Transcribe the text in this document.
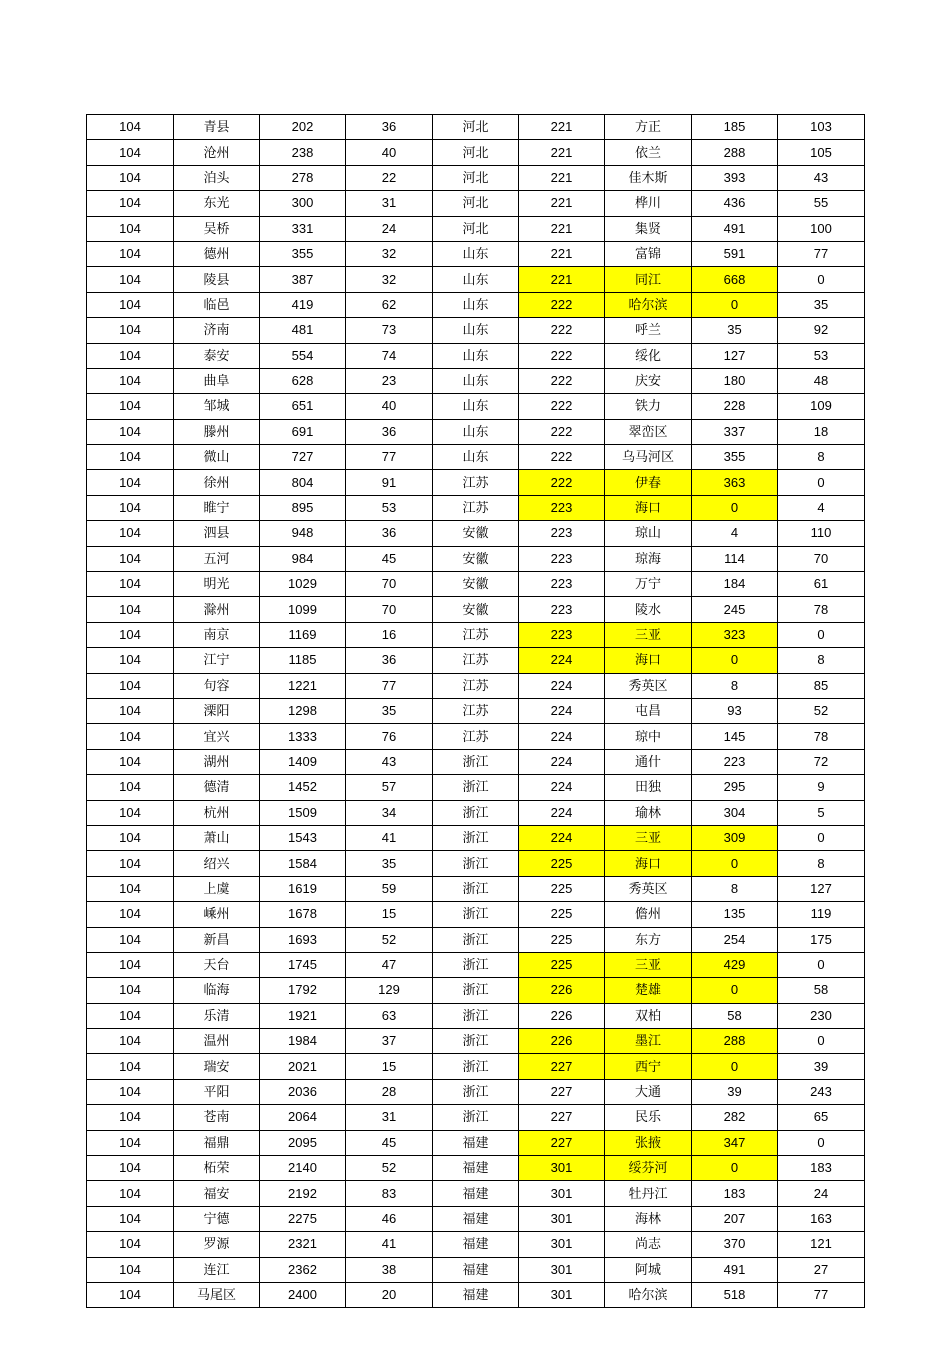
104	青县	202	36	河北	221	方正	185	103
104	沧州	238	40	河北	221	依兰	288	105
104	泊头	278	22	河北	221	佳木斯	393	43
104	东光	300	31	河北	221	桦川	436	55
104	吴桥	331	24	河北	221	集贤	491	100
104	德州	355	32	山东	221	富锦	591	77
104	陵县	387	32	山东	221	同江	668	0
104	临邑	419	62	山东	222	哈尔滨	0	35
104	济南	481	73	山东	222	呼兰	35	92
104	泰安	554	74	山东	222	绥化	127	53
104	曲阜	628	23	山东	222	庆安	180	48
104	邹城	651	40	山东	222	铁力	228	109
104	滕州	691	36	山东	222	翠峦区	337	18
104	微山	727	77	山东	222	乌马河区	355	8
104	徐州	804	91	江苏	222	伊春	363	0
104	睢宁	895	53	江苏	223	海口	0	4
104	泗县	948	36	安徽	223	琼山	4	110
104	五河	984	45	安徽	223	琼海	114	70
104	明光	1029	70	安徽	223	万宁	184	61
104	滁州	1099	70	安徽	223	陵水	245	78
104	南京	1169	16	江苏	223	三亚	323	0
104	江宁	1185	36	江苏	224	海口	0	8
104	句容	1221	77	江苏	224	秀英区	8	85
104	溧阳	1298	35	江苏	224	屯昌	93	52
104	宜兴	1333	76	江苏	224	琼中	145	78
104	湖州	1409	43	浙江	224	通什	223	72
104	德清	1452	57	浙江	224	田独	295	9
104	杭州	1509	34	浙江	224	瑜林	304	5
104	萧山	1543	41	浙江	224	三亚	309	0
104	绍兴	1584	35	浙江	225	海口	0	8
104	上虞	1619	59	浙江	225	秀英区	8	127
104	嵊州	1678	15	浙江	225	儋州	135	119
104	新昌	1693	52	浙江	225	东方	254	175
104	天台	1745	47	浙江	225	三亚	429	0
104	临海	1792	129	浙江	226	楚雄	0	58
104	乐清	1921	63	浙江	226	双柏	58	230
104	温州	1984	37	浙江	226	墨江	288	0
104	瑞安	2021	15	浙江	227	西宁	0	39
104	平阳	2036	28	浙江	227	大通	39	243
104	苍南	2064	31	浙江	227	民乐	282	65
104	福鼎	2095	45	福建	227	张掖	347	0
104	柘荣	2140	52	福建	301	绥芬河	0	183
104	福安	2192	83	福建	301	牡丹江	183	24
104	宁德	2275	46	福建	301	海林	207	163
104	罗源	2321	41	福建	301	尚志	370	121
104	连江	2362	38	福建	301	阿城	491	27
104	马尾区	2400	20	福建	301	哈尔滨	518	77
